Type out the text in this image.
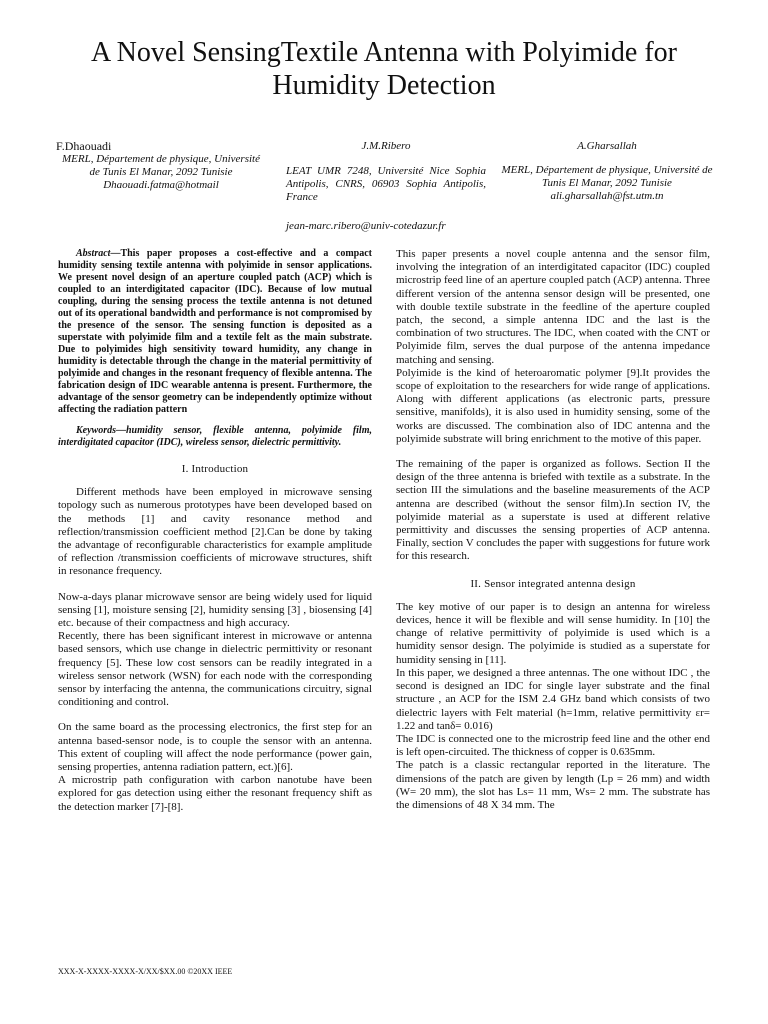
A Novel SensingTextile Antenna with Polyimide for Humidity Detection
F.Dhaouadi
MERL, Département de physique, Université de Tunis El Manar, 2092 Tunisie
Dhaouadi.fatma@hotmail
J.M.Ribero
LEAT UMR 7248, Université Nice Sophia Antipolis, CNRS, 06903 Sophia Antipolis, France
jean-marc.ribero@univ-cotedazur.fr
A.Gharsallah
MERL, Département de physique, Université de Tunis El Manar, 2092 Tunisie
ali.gharsallah@fst.utm.tn

Abstract—This paper proposes a cost-effective and a compact humidity sensing textile antenna with polyimide in sensor applications. We present novel design of an aperture coupled patch (ACP) which is coupled to an interdigitated capacitor (IDC). Because of low mutual coupling, during the sensing process the textile antenna is not detuned out of its operational bandwidth and performance is not compromised by the presence of the sensor. The sensing function is deposited as a superstate with polyimide film and a textile felt as the main substrate. Due to polyimides high sensitivity toward humidity, any change in humidity is detectable through the change in the material permittivity of polyimide and changes in the resonant frequency of flexible antenna. The fabrication design of IDC wearable antenna is present. Furthermore, the advantage of the sensor geometry can be independently optimize without affecting the radiation pattern

Keywords—humidity sensor, flexible antenna, polyimide film, interdigitated capacitor (IDC), wireless sensor, dielectric permittivity.

I. Introduction

Different methods have been employed in microwave sensing topology such as numerous prototypes have been developed based on the methods [1] and cavity resonance method and reflection/transmission coefficient method [2].Can be done by taking the advantage of reconfigurable characteristics for example amplitude of reflection /transmission coefficients of microwave structures, shift in resonance frequency.

Now-a-days planar microwave sensor are being widely used for liquid sensing [1], moisture sensing [2], humidity sensing [3] , biosensing [4] etc. because of their compactness and high accuracy.

Recently, there has been significant interest in microwave or antenna based sensors, which use change in dielectric permittivity or resonant frequency [5]. These low cost sensors can be readily integrated in a wireless sensor network (WSN) for each node with the corresponding sensor by interfacing the antenna, the communications circuitry, signal conditioning and control.

On the same board as the processing electronics, the first step for an antenna based-sensor node, is to couple the sensor with an antenna. This extent of coupling will affect the node performance (power gain, sensing properties, antenna radiation pattern, ect.)[6].

A microstrip path configuration with carbon nanotube have been explored for gas detection using either the resonant frequency shift as the detection marker [7]-[8].

This paper presents a novel couple antenna and the sensor film, involving the integration of an interdigitated capacitor (IDC) coupled microstrip feed line of an aperture coupled patch (ACP) antenna. Three different version of the antenna sensor design will be presented, one with double textile substrate in the feedline of the aperture coupled patch, the second, a simple antenna IDC and the last is the combination of two structures. The IDC, when coated with the CNT or Polyimide film, serves the dual purpose of the antenna impedance matching and sensing.

Polyimide is the kind of heteroaromatic polymer [9].It provides the scope of exploitation to the researchers for wide range of applications. Along with different applications (as electronic parts, pressure sensitive, manifolds), it is also used in humidity sensing, some of the works are discussed. The combination also of IDC antenna and the polyimide substrate will bring enrichment to the motive of this paper.

The remaining of the paper is organized as follows. Section II the design of the three antenna is briefed with textile as a substrate. In the section III the simulations and the baseline measurements of the ACP antenna are described (without the sensor film).In section IV, the polyimide material as a superstate is used at different relative permittivity and discusses the sensing properties of ACP antenna. Finally, section V concludes the paper with suggestions for future work for this research.

II. Sensor integrated antenna design

The key motive of our paper is to design an antenna for wireless devices, hence it will be flexible and will sense humidity. In [10] the change of relative permittivity of polyimide is used which is a humidity sensor design. The polyimide is studied as a superstate for humidity sensing in [11].

In this paper, we designed a three antennas. The one without IDC , the second is designed an IDC for single layer substrate and the final structure , an ACP for the ISM 2.4 GHz band which consists of two dielectric layers with Felt material (h=1mm, relative permittivity εr= 1.22 and tanδ= 0.016)

The IDC is connected one to the microstrip feed line and the other end is left open-circuited. The thickness of copper is 0.635mm.

The patch is a classic rectangular reported in the literature. The dimensions of the patch are given by length (Lp = 26 mm) and width (W= 20 mm), the slot has Ls= 11 mm, Ws= 2 mm. The substrate has the dimensions of 48 X 34 mm. The

XXX-X-XXXX-XXXX-X/XX/$XX.00 ©20XX IEEE
